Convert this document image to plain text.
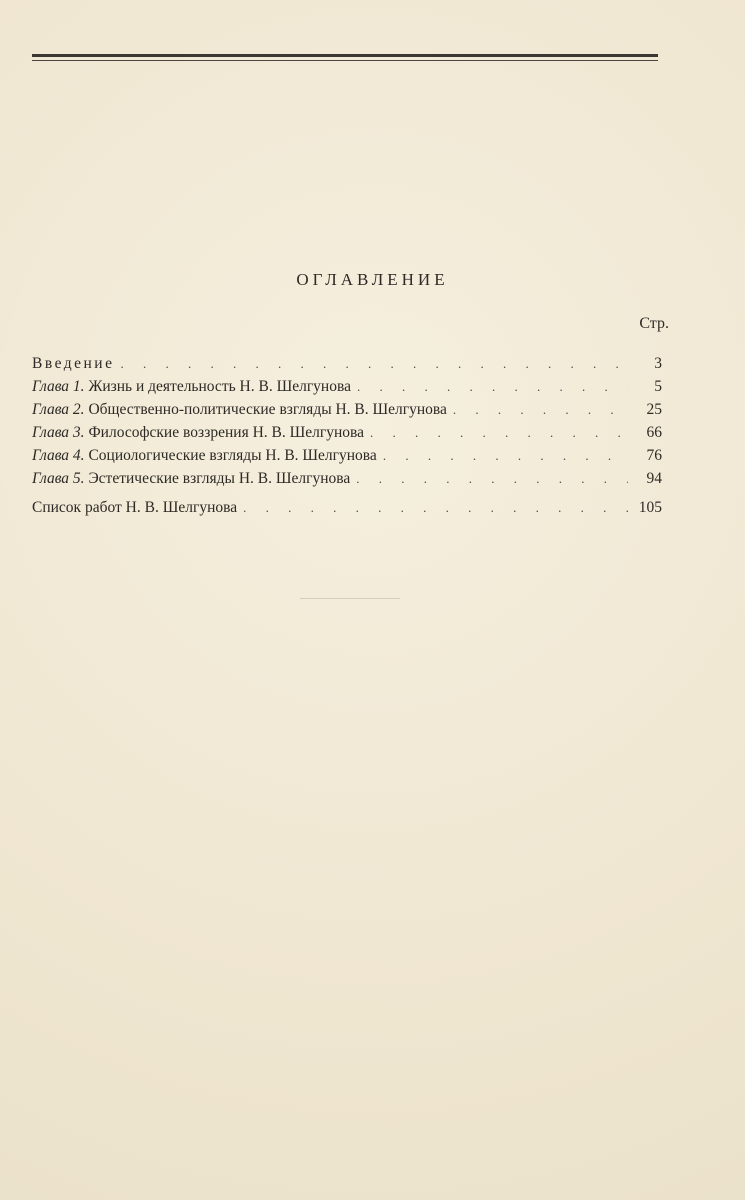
ОГЛАВЛЕНИЕ
Стр.
Введение . . .	3
Глава 1. Жизнь и деятельность Н. В. Шелгунова . . .	5
Глава 2. Общественно-политические взгляды Н. В. Шелгунова . . .	25
Глава 3. Философские воззрения Н. В. Шелгунова . . .	66
Глава 4. Социологические взгляды Н. В. Шелгунова . . .	76
Глава 5. Эстетические взгляды Н. В. Шелгунова . . .	94
Список работ Н. В. Шелгунова . . .	105
